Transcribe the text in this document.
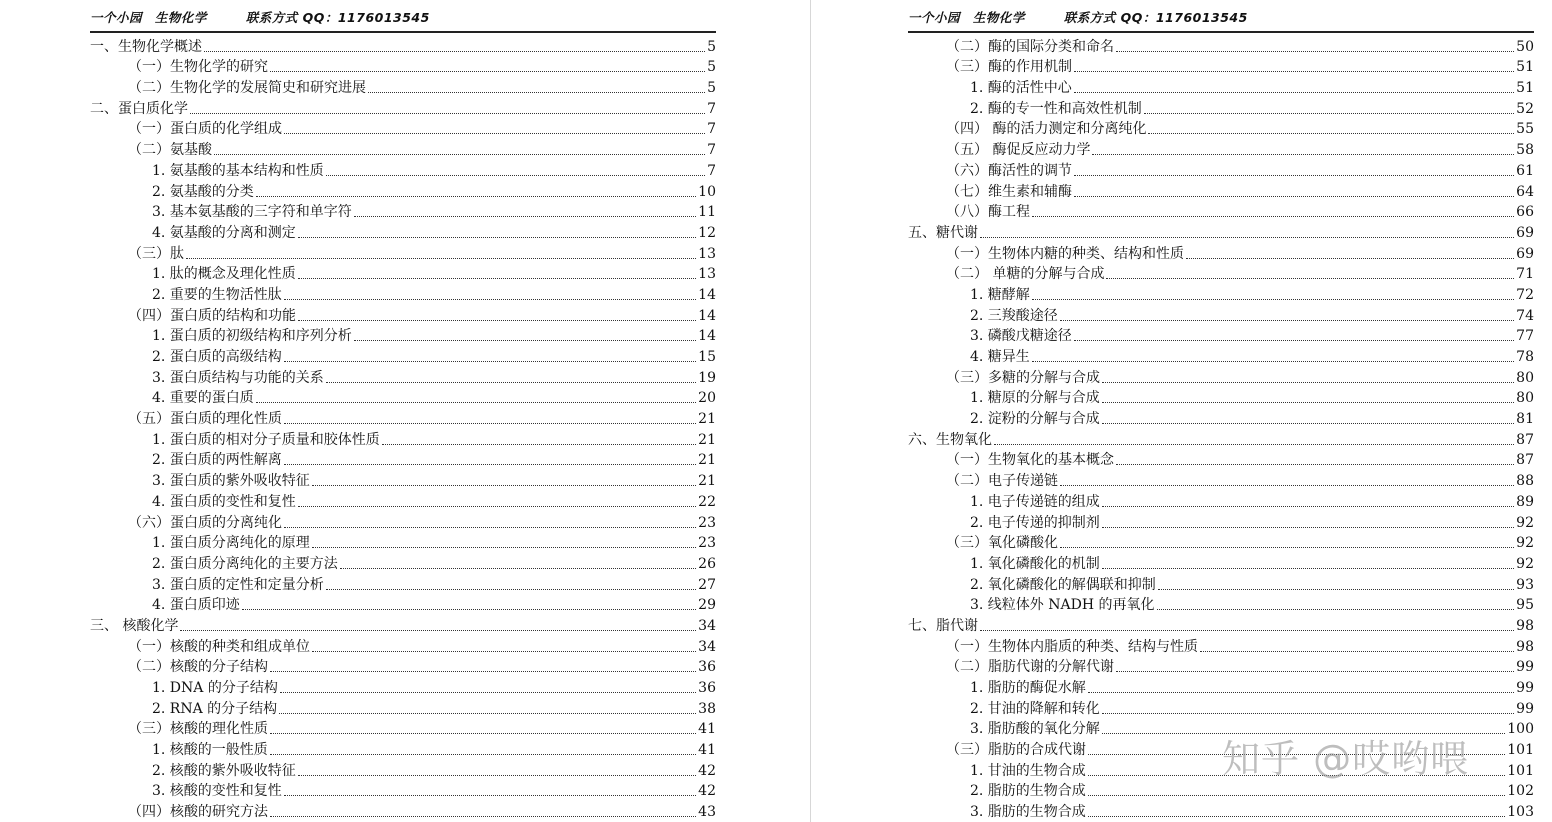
一个小园 生物化学	联系方式 QQ：1176013545
一、生物化学概述	5
（一）生物化学的研究	5
（二）生物化学的发展简史和研究进展	5
二、蛋白质化学	7
（一）蛋白质的化学组成	7
（二）氨基酸	7
1. 氨基酸的基本结构和性质	7
2. 氨基酸的分类	10
3. 基本氨基酸的三字符和单字符	11
4. 氨基酸的分离和测定	12
（三）肽	13
1. 肽的概念及理化性质	13
2. 重要的生物活性肽	14
（四）蛋白质的结构和功能	14
1. 蛋白质的初级结构和序列分析	14
2. 蛋白质的高级结构	15
3. 蛋白质结构与功能的关系	19
4. 重要的蛋白质	20
（五）蛋白质的理化性质	21
1. 蛋白质的相对分子质量和胶体性质	21
2. 蛋白质的两性解离	21
3. 蛋白质的紫外吸收特征	21
4. 蛋白质的变性和复性	22
（六）蛋白质的分离纯化	23
1. 蛋白质分离纯化的原理	23
2. 蛋白质分离纯化的主要方法	26
3. 蛋白质的定性和定量分析	27
4. 蛋白质印迹	29
三、 核酸化学	34
（一）核酸的种类和组成单位	34
（二）核酸的分子结构	36
1. DNA 的分子结构	36
2. RNA 的分子结构	38
（三）核酸的理化性质	41
1. 核酸的一般性质	41
2. 核酸的紫外吸收特征	42
3. 核酸的变性和复性	42
（四）核酸的研究方法	43
一个小园 生物化学	联系方式 QQ：1176013545
（二）酶的国际分类和命名	50
（三）酶的作用机制	51
1. 酶的活性中心	51
2. 酶的专一性和高效性机制	52
（四） 酶的活力测定和分离纯化	55
（五） 酶促反应动力学	58
（六）酶活性的调节	61
（七）维生素和辅酶	64
（八）酶工程	66
五、糖代谢	69
（一）生物体内糖的种类、结构和性质	69
（二） 单糖的分解与合成	71
1. 糖酵解	72
2. 三羧酸途径	74
3. 磷酸戊糖途径	77
4. 糖异生	78
（三）多糖的分解与合成	80
1. 糖原的分解与合成	80
2. 淀粉的分解与合成	81
六、生物氧化	87
（一）生物氧化的基本概念	87
（二）电子传递链	88
1. 电子传递链的组成	89
2. 电子传递的抑制剂	92
（三）氧化磷酸化	92
1. 氧化磷酸化的机制	92
2. 氧化磷酸化的解偶联和抑制	93
3. 线粒体外 NADH 的再氧化	95
七、脂代谢	98
（一）生物体内脂质的种类、结构与性质	98
（二）脂肪代谢的分解代谢	99
1. 脂肪的酶促水解	99
2. 甘油的降解和转化	99
3. 脂肪酸的氧化分解	100
（三）脂肪的合成代谢	101
1. 甘油的生物合成	101
2. 脂肪的生物合成	102
3. 脂肪的生物合成	103
知乎 @哎哟喂
